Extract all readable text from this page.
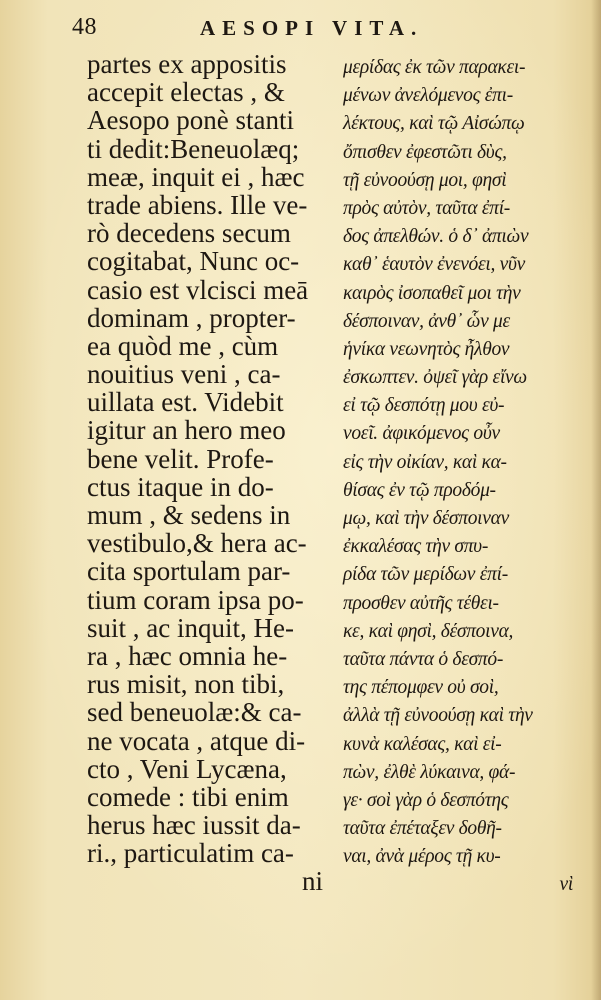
48	AESOPI VITA.
partes ex appositis
accepit electas , &
Aesopo ponè stanti
ti dedit:Beneuolæq;
meæ, inquit ei , hæc
trade abiens. Ille ve-
rò decedens secum
cogitabat, Nunc oc-
casio est vlcisci meā
dominam , propter-
ea quòd me , cùm
nouitius veni , ca-
uillata est. Videbit
igitur an hero meo
bene velit. Profe-
ctus itaque in do-
mum , & sedens in
vestibulo,& hera ac-
cita sportulam par-
tium coram ipsa po-
suit , ac inquit, He-
ra , hæc omnia he-
rus misit, non tibi,
sed beneuolæ:& ca-
ne vocata , atque di-
cto , Veni Lycæna,
comede : tibi enim
herus hæc iussit da-
ri., particulatim ca-
ni
μερίδας ἐκ τῶν παρακει-
μένων ἀνελόμενος ἐπι-
λέκτους, καὶ τῷ Αἰσώπῳ
ὄπισθεν ἐφεστῶτι δὺς,
τῇ εὐνοούσῃ μοι, φησὶ
πρὸς αὐτὸν, ταῦτα ἐπί-
δος ἀπελθών. ὁ δ᾽ ἀπιὼν
καθ᾽ ἑαυτὸν ἐνενόει, νῦν
καιρὸς ἰσοπαθεῖ μοι τὴν
δέσποιναν, ἀνθ᾽ ὧν με
ἡνίκα νεωνητὸς ἦλθον
ἐσκωπτεν. ὀψεῖ γὰρ εἴνω
εἰ τῷ δεσπότῃ μου εὐ-
νοεῖ. ἀφικόμενος οὖν
εἰς τὴν οἰκίαν, καὶ κα-
θίσας ἐν τῷ προδόμ-
μῳ, καὶ τὴν δέσποιναν
ἐκκαλέσας τὴν σπυ-
ρίδα τῶν μερίδων ἐπί-
προσθεν αὐτῆς τέθει-
κε, καὶ φησὶ, δέσποινα,
ταῦτα πάντα ὁ δεσπό-
της πέπομφεν οὐ σοὶ,
ἀλλὰ τῇ εὐνοούσῃ καὶ τὴν
κυνὰ καλέσας, καὶ εἰ-
πὼν, ἐλθὲ λύκαινα, φά-
γε· σοὶ γὰρ ὁ δεσπότης
ταῦτα ἐπέταξεν δοθῆ-
ναι, ἀνὰ μέρος τῇ κυ-
νὶ
